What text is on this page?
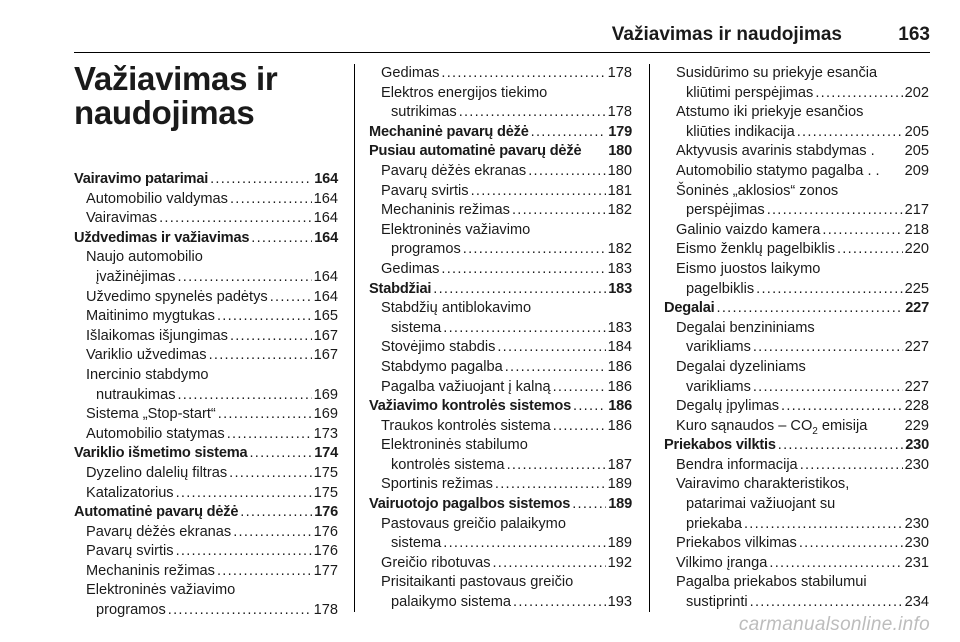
Važiavimas ir naudojimas	163
Važiavimas ir
naudojimas
Vairavimo patarimai . . .	164
Automobilio valdymas . . .	164
Vairavimas . . .	164
Uždvedimas ir važiavimas . . .	164
Naujo automobilio
įvažinėjimas . . .	164
Užvedimo spynelės padėtys . . .	164
Maitinimo mygtukas . . .	165
Išlaikomas išjungimas . . .	167
Variklio užvedimas . . .	167
Inercinio stabdymo
nutraukimas . . .	169
Sistema „Stop-start“ . . .	169
Automobilio statymas . . .	173
Variklio išmetimo sistema . . .	174
Dyzelino dalelių filtras . . .	175
Katalizatorius . . .	175
Automatinė pavarų dėžė . . .	176
Pavarų dėžės ekranas . . .	176
Pavarų svirtis . . .	176
Mechaninis režimas . . .	177
Elektroninės važiavimo
programos . . .	178
Gedimas . . .	178
Elektros energijos tiekimo
sutrikimas . . .	178
Mechaninė pavarų dėžė . . .	179
Pusiau automatinė pavarų dėžė 180
Pavarų dėžės ekranas . . .	180
Pavarų svirtis . . .	181
Mechaninis režimas . . .	182
Elektroninės važiavimo
programos . . .	182
Gedimas . . .	183
Stabdžiai . . .	183
Stabdžių antiblokavimo
sistema . . .	183
Stovėjimo stabdis . . .	184
Stabdymo pagalba . . .	186
Pagalba važiuojant į kalną . . .	186
Važiavimo kontrolės sistemos . . .	186
Traukos kontrolės sistema . . .	186
Elektroninės stabilumo
kontrolės sistema . . .	187
Sportinis režimas . . .	189
Vairuotojo pagalbos sistemos . . .	189
Pastovaus greičio palaikymo
sistema . . .	189
Greičio ribotuvas . . .	192
Prisitaikanti pastovaus greičio
palaikymo sistema . . .	193
Susidūrimo su priekyje esančia
kliūtimi perspėjimas . . .	202
Atstumo iki priekyje esančios
kliūties indikacija . . .	205
Aktyvusis avarinis stabdymas . 205
Automobilio statymo pagalba . . 209
Šoninės „aklosios“ zonos
perspėjimas . . .	217
Galinio vaizdo kamera . . .	218
Eismo ženklų pagelbiklis . . .	220
Eismo juostos laikymo
pagelbiklis . . .	225
Degalai . . .	227
Degalai benzininiams
varikliams . . .	227
Degalai dyzeliniams
varikliams . . .	227
Degalų įpylimas . . .	228
Kuro sąnaudos – $CO_2$ emisija	229
Priekabos vilktis . . .	230
Bendra informacija . . .	230
Vairavimo charakteristikos,
patarimai važiuojant su
priekaba . . .	230
Priekabos vilkimas . . .	230
Vilkimo įranga . . .	231
Pagalba priekabos stabilumui
sustiprinti . . .	234
carmanualsonline.info
